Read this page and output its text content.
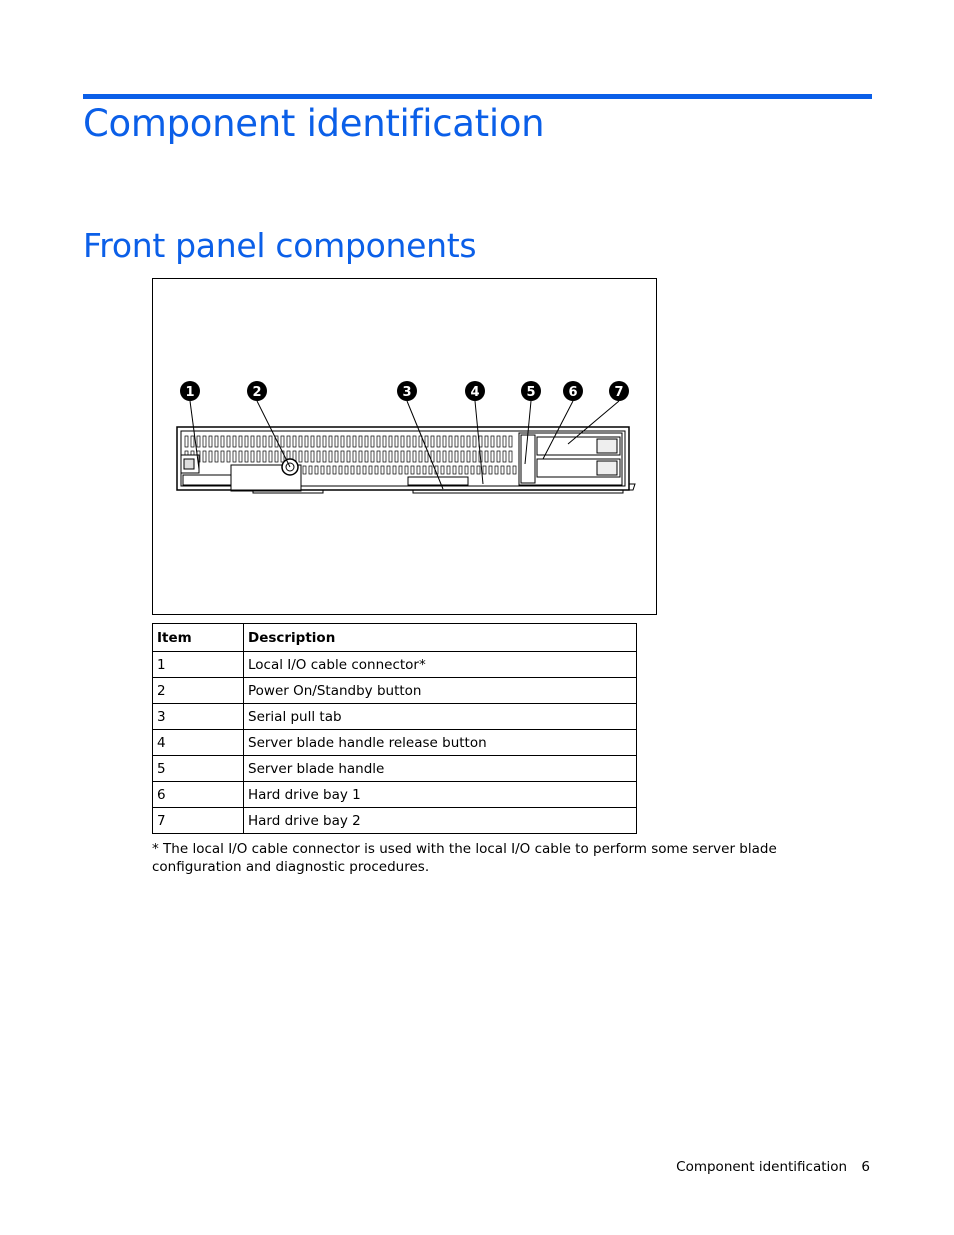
Component identification
Front panel components
1	2	3	4	5	6	7
Item	Description
1	Local I/O cable connector*
2	Power On/Standby button
3	Serial pull tab
4	Server blade handle release button
5	Server blade handle
6	Hard drive bay 1
7	Hard drive bay 2

* The local I/O cable connector is used with the local I/O cable to perform some server blade configuration and diagnostic procedures.

Component identification 6
